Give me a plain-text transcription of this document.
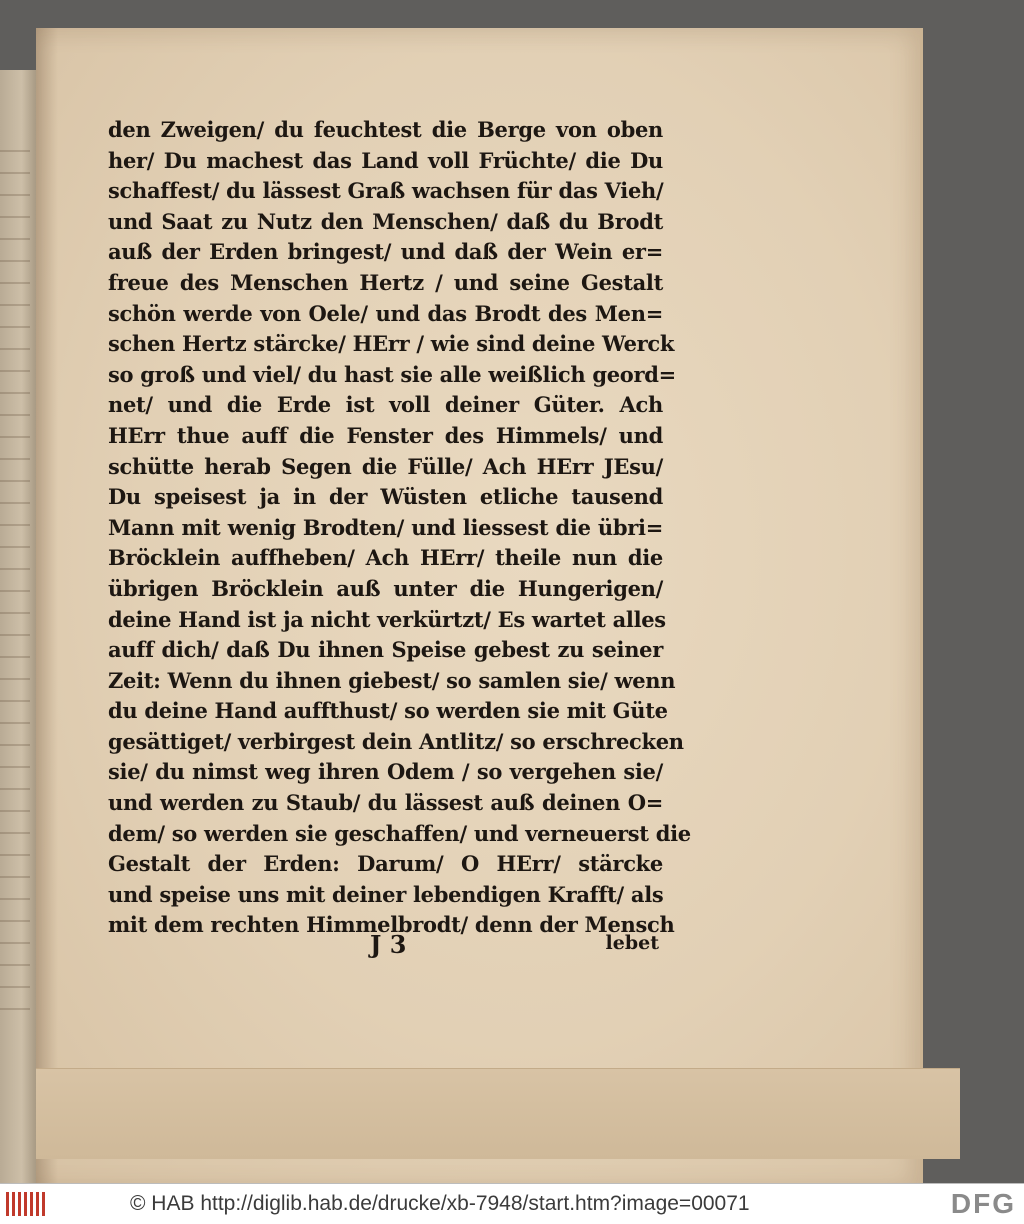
den Zweigen/ du feuchtest die Berge von oben

her/ Du machest das Land voll Früchte/ die Du

schaffest/ du lässest Graß wachsen für das Vieh/

und Saat zu Nutz den Menschen/ daß du Brodt

auß der Erden bringest/ und daß der Wein er=

freue des Menschen Hertz / und seine Gestalt

schön werde von Oele/ und das Brodt des Men=

schen Hertz stärcke/ HErr / wie sind deine Werck

so groß und viel/ du hast sie alle weißlich geord=

net/ und die Erde ist voll deiner Güter. Ach

HErr thue auff die Fenster des Himmels/ und

schütte herab Segen die Fülle/ Ach HErr JEsu/

Du speisest ja in der Wüsten etliche tausend

Mann mit wenig Brodten/ und liessest die übri=

Bröcklein auffheben/ Ach HErr/ theile nun die

übrigen Bröcklein auß unter die Hungerigen/

deine Hand ist ja nicht verkürtzt/ Es wartet alles

auff dich/ daß Du ihnen Speise gebest zu seiner

Zeit: Wenn du ihnen giebest/ so samlen sie/ wenn

du deine Hand auffthust/ so werden sie mit Güte

gesättiget/ verbirgest dein Antlitz/ so erschrecken

sie/ du nimst weg ihren Odem / so vergehen sie/

und werden zu Staub/ du lässest auß deinen O=

dem/ so werden sie geschaffen/ und verneuerst die

Gestalt der Erden: Darum/ O HErr/ stärcke

und speise uns mit deiner lebendigen Krafft/ als

mit dem rechten Himmelbrodt/ denn der Mensch

J 3	lebet
© HAB http://diglib.hab.de/drucke/xb-7948/start.htm?image=00071	DFG
